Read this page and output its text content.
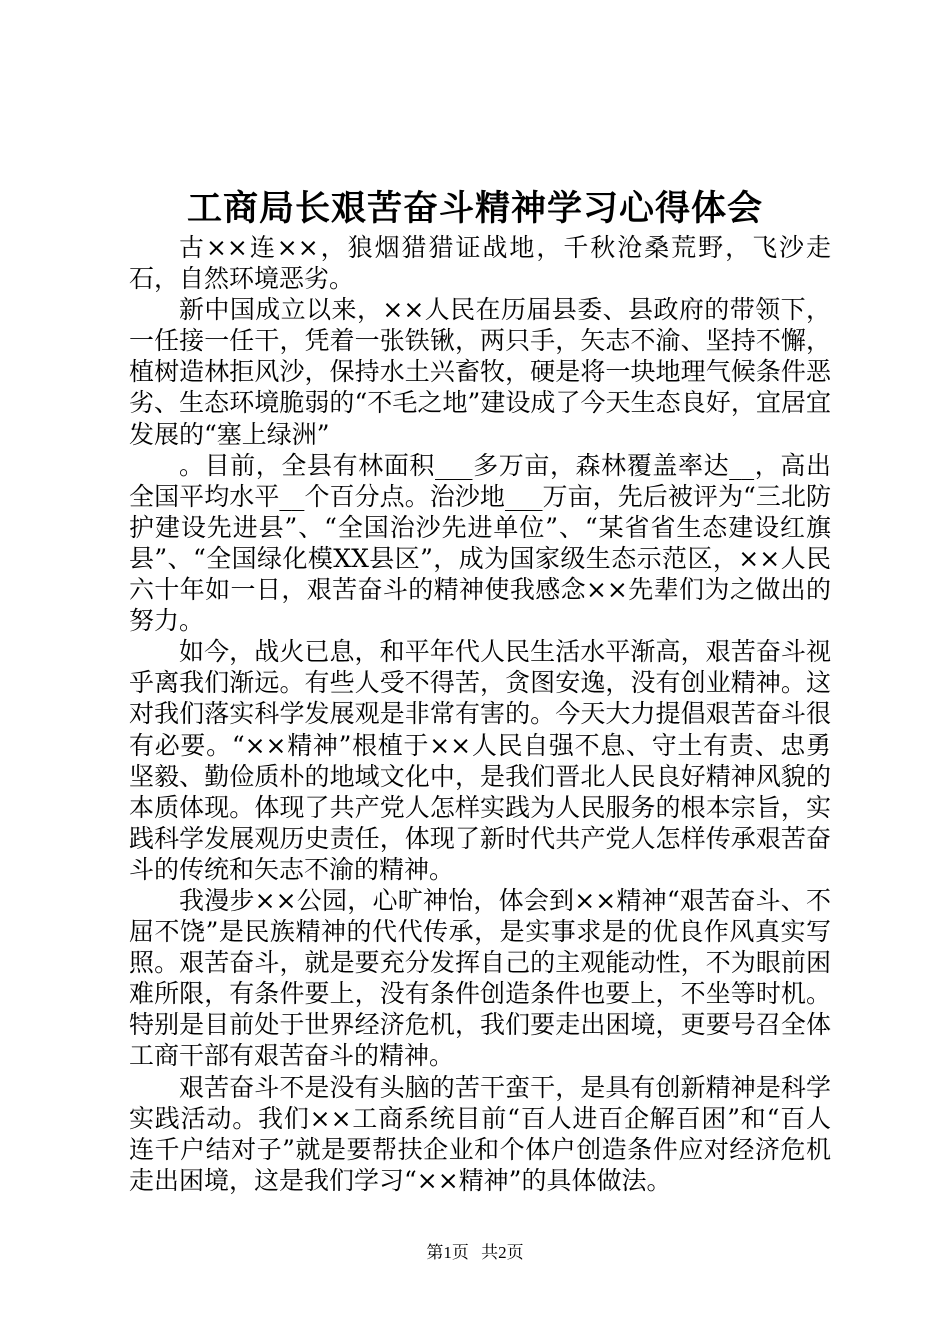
工商局长艰苦奋斗精神学习心得体会

古××连××，狼烟猎猎证战地，千秋沧桑荒野，飞沙走石，自然环境恶劣。

新中国成立以来，××人民在历届县委、县政府的带领下，一任接一任干，凭着一张铁锹，两只手，矢志不渝、坚持不懈，植树造林拒风沙，保持水土兴畜牧，硬是将一块地理气候条件恶劣、生态环境脆弱的“不毛之地”建设成了今天生态良好，宜居宜发展的“塞上绿洲”

。目前，全县有林面积___多万亩，森林覆盖率达__，高出全国平均水平__个百分点。治沙地___万亩，先后被评为“三北防护建设先进县”、“全国治沙先进单位”、“某省省生态建设红旗县”、“全国绿化模XX县区”，成为国家级生态示范区，××人民六十年如一日，艰苦奋斗的精神使我感念××先辈们为之做出的努力。

如今，战火已息，和平年代人民生活水平渐高，艰苦奋斗视乎离我们渐远。有些人受不得苦，贪图安逸，没有创业精神。这对我们落实科学发展观是非常有害的。今天大力提倡艰苦奋斗很有必要。“××精神”根植于××人民自强不息、守土有责、忠勇坚毅、勤俭质朴的地域文化中，是我们晋北人民良好精神风貌的本质体现。体现了共产党人怎样实践为人民服务的根本宗旨，实践科学发展观历史责任，体现了新时代共产党人怎样传承艰苦奋斗的传统和矢志不渝的精神。

我漫步××公园，心旷神怡，体会到××精神“艰苦奋斗、不屈不饶”是民族精神的代代传承，是实事求是的优良作风真实写照。艰苦奋斗，就是要充分发挥自己的主观能动性，不为眼前困难所限，有条件要上，没有条件创造条件也要上，不坐等时机。特别是目前处于世界经济危机，我们要走出困境，更要号召全体工商干部有艰苦奋斗的精神。

艰苦奋斗不是没有头脑的苦干蛮干，是具有创新精神是科学实践活动。我们××工商系统目前“百人进百企解百困”和“百人连千户结对子”就是要帮扶企业和个体户创造条件应对经济危机走出困境，这是我们学习“××精神”的具体做法。

第1页 共2页
